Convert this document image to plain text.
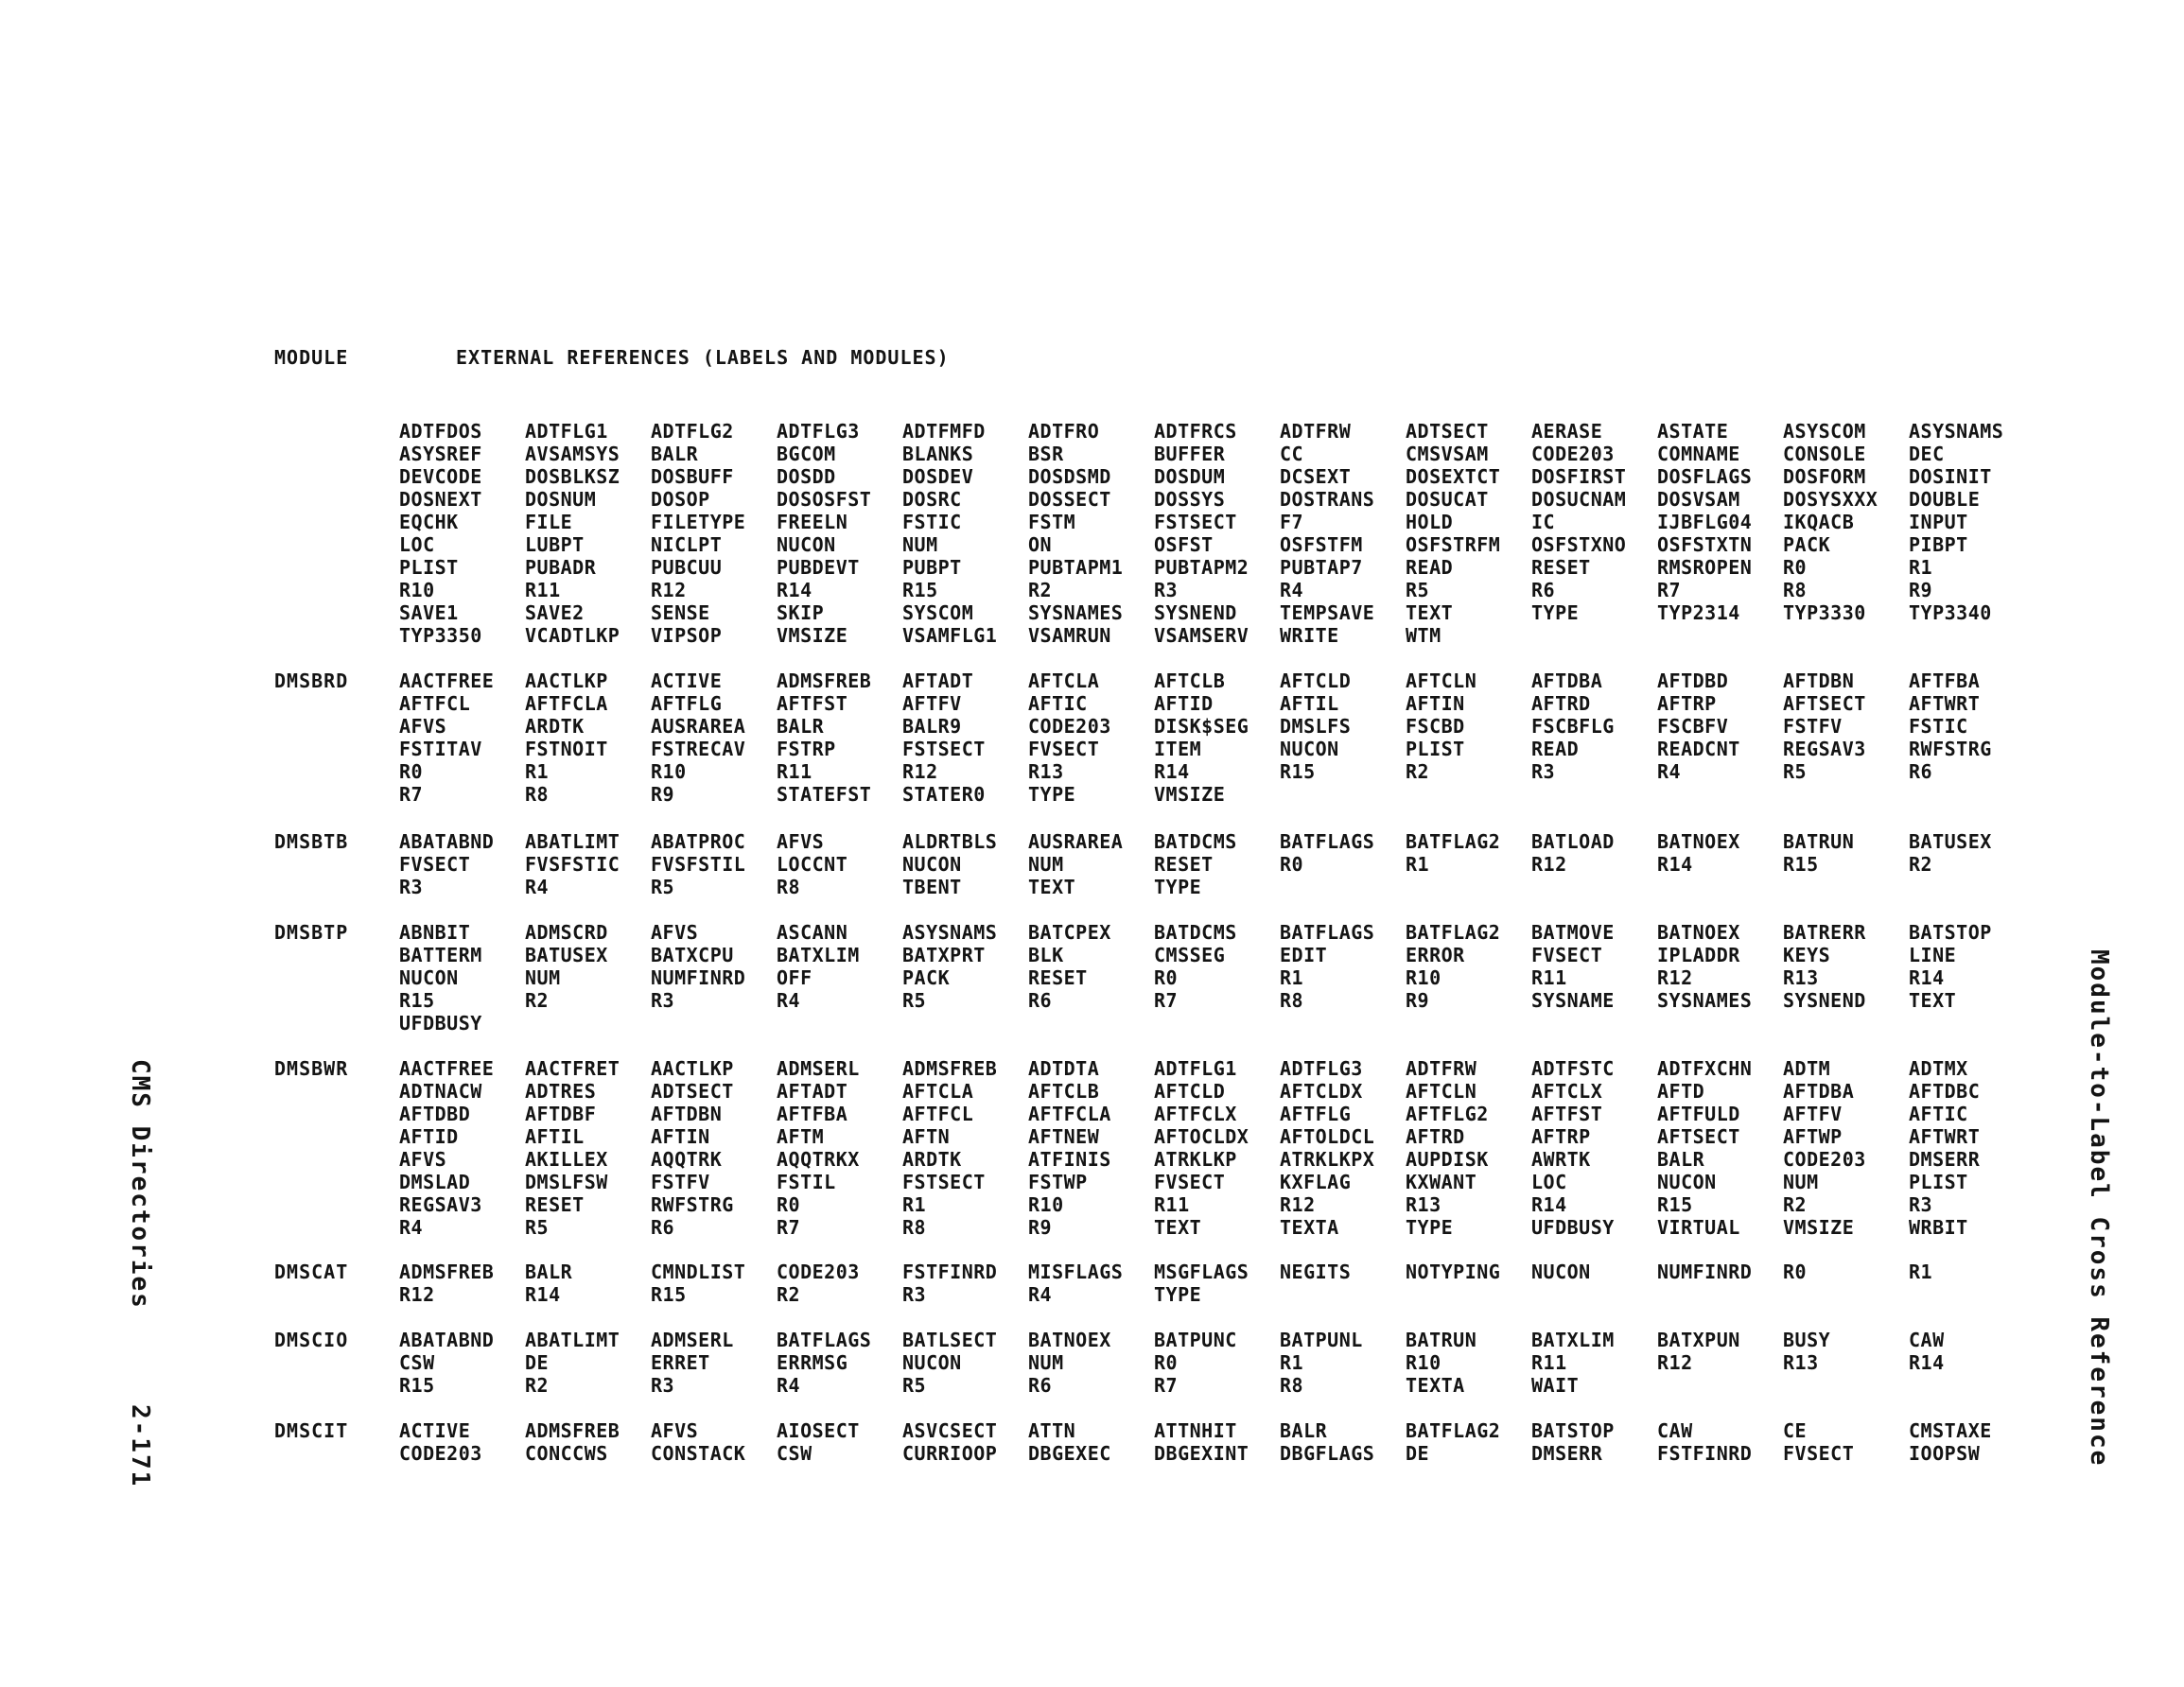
MODULE	EXTERNAL REFERENCES (LABELS AND MODULES)
ADTFDOS ADTFLG1 ADTFLG2 ADTFLG3 ADTFMFD ADTFRO	ADTFRCS ADTFRW	ADTSECT AERASE	ASTATE	ASYSCOM ASYSNAMS
ASYSREF AVSAMSYS BALR	BGCOM	BLANKS	BSR	BUFFER	CC	CMSVSAM CODE203 COMNAME CONSOLE DEC
DEVCODE DOSBLKSZ DOSBUFF DOSDD	DOSDEV	DOSDSMD DOSDUM	DCSEXT	DOSEXTCT DOSFIRST DOSFLAGS DOSFORM DOSINIT
DOSNEXT DOSNUM	DOSOP	DOSOSFST DOSRC	DOSSECT DOSSYS	DOSTRANS DOSUCAT DOSUCNAM DOSVSAM DOSYSXXX DOUBLE
EQCHK	FILE	FILETYPE FREELN	FSTIC	FSTM	FSTSECT F7	HOLD	IC	IJBFLG04 IKQACB	INPUT
LOC	LUBPT	NICLPT	NUCON	NUM	ON	OSFST	OSFSTFM OSFSTRFM OSFSTXNO OSFSTXTN PACK	PIBPT
PLIST	PUBADR	PUBCUU	PUBDEVT PUBPT	PUBTAPM1 PUBTAPM2 PUBTAP7 READ	RESET	RMSROPEN R0	R1
R10	R11	R12	R14	R15	R2	R3	R4	R5	R6	R7	R8	R9
SAVE1	SAVE2	SENSE	SKIP	SYSCOM	SYSNAMES SYSNEND TEMPSAVE TEXT	TYPE	TYP2314 TYP3330 TYP3340
TYP3350 VCADTLKP VIPSOP	VMSIZE	VSAMFLG1 VSAMRUN VSAMSERV WRITE	WTM
DMSBRD	AACTFREE AACTLKP ACTIVE	ADMSFREB AFTADT	AFTCLA	AFTCLB	AFTCLD	AFTCLN	AFTDBA	AFTDBD	AFTDBN	AFTFBA
AFTFCL	AFTFCLA AFTFLG	AFTFST	AFTFV	AFTIC	AFTID	AFTIL	AFTIN	AFTRD	AFTRP	AFTSECT AFTWRT
AFVS	ARDTK	AUSRAREA BALR	BALR9	CODE203 DISK$SEG DMSLFS	FSCBD	FSCBFLG FSCBFV	FSTFV	FSTIC
FSTITAV FSTNOIT FSTRECAV FSTRP	FSTSECT FVSECT	ITEM	NUCON	PLIST	READ	READCNT REGSAV3 RWFSTRG
R0	R1	R10	R11	R12	R13	R14	R15	R2	R3	R4	R5	R6
R7	R8	R9	STATEFST STATER0 TYPE	VMSIZE
DMSBTB	ABATABND ABATLIMT ABATPROC AFVS	ALDRTBLS AUSRAREA BATDCMS BATFLAGS BATFLAG2 BATLOAD BATNOEX BATRUN	BATUSEX
FVSECT	FVSFSTIC FVSFSTIL LOCCNT	NUCON	NUM	RESET	R0	R1	R12	R14	R15	R2
R3	R4	R5	R8	TBENT	TEXT	TYPE
DMSBTP	ABNBIT	ADMSCRD AFVS	ASCANN	ASYSNAMS BATCPEX BATDCMS BATFLAGS BATFLAG2 BATMOVE BATNOEX BATRERR BATSTOP
BATTERM BATUSEX BATXCPU BATXLIM BATXPRT BLK	CMSSEG	EDIT	ERROR	FVSECT	IPLADDR KEYS	LINE
NUCON	NUM	NUMFINRD OFF	PACK	RESET	R0	R1	R10	R11	R12	R13	R14
R15	R2	R3	R4	R5	R6	R7	R8	R9	SYSNAME SYSNAMES SYSNEND TEXT
UFDBUSY
DMSBWR	AACTFREE AACTFRET AACTLKP ADMSERL ADMSFREB ADTDTA	ADTFLG1 ADTFLG3 ADTFRW	ADTFSTC ADTFXCHN ADTM	ADTMX
ADTNACW ADTRES	ADTSECT AFTADT	AFTCLA	AFTCLB	AFTCLD	AFTCLDX AFTCLN	AFTCLX	AFTD	AFTDBA	AFTDBC
AFTDBD	AFTDBF	AFTDBN	AFTFBA	AFTFCL	AFTFCLA AFTFCLX AFTFLG	AFTFLG2 AFTFST	AFTFULD AFTFV	AFTIC
AFTID	AFTIL	AFTIN	AFTM	AFTN	AFTNEW	AFTOCLDX AFTOLDCL AFTRD	AFTRP	AFTSECT AFTWP	AFTWRT
AFVS	AKILLEX AQQTRK	AQQTRKX ARDTK	ATFINIS ATRKLKP ATRKLKPX AUPDISK AWRTK	BALR	CODE203 DMSERR
DMSLAD	DMSLFSW FSTFV	FSTIL	FSTSECT FSTWP	FVSECT	KXFLAG	KXWANT	LOC	NUCON	NUM	PLIST
REGSAV3 RESET	RWFSTRG R0	R1	R10	R11	R12	R13	R14	R15	R2	R3
R4	R5	R6	R7	R8	R9	TEXT	TEXTA	TYPE	UFDBUSY VIRTUAL VMSIZE	WRBIT
DMSCAT	ADMSFREB BALR	CMNDLIST CODE203 FSTFINRD MISFLAGS MSGFLAGS NEGITS	NOTYPING NUCON	NUMFINRD R0	R1
R12	R14	R15	R2	R3	R4	TYPE
DMSCIO	ABATABND ABATLIMT ADMSERL BATFLAGS BATLSECT BATNOEX BATPUNC BATPUNL BATRUN	BATXLIM BATXPUN BUSY	CAW
CSW	DE	ERRET	ERRMSG	NUCON	NUM	R0	R1	R10	R11	R12	R13	R14
R15	R2	R3	R4	R5	R6	R7	R8	TEXTA	WAIT
DMSCIT	ACTIVE	ADMSFREB AFVS	AIOSECT ASVCSECT ATTN	ATTNHIT BALR	BATFLAG2 BATSTOP CAW	CE	CMSTAXE
CODE203 CONCCWS CONSTACK CSW	CURRIOOP DBGEXEC DBGEXINT DBGFLAGS DE	DMSERR	FSTFINRD FVSECT	IOOPSW
CMS Directories2-171	Module-to-Label Cross Reference
